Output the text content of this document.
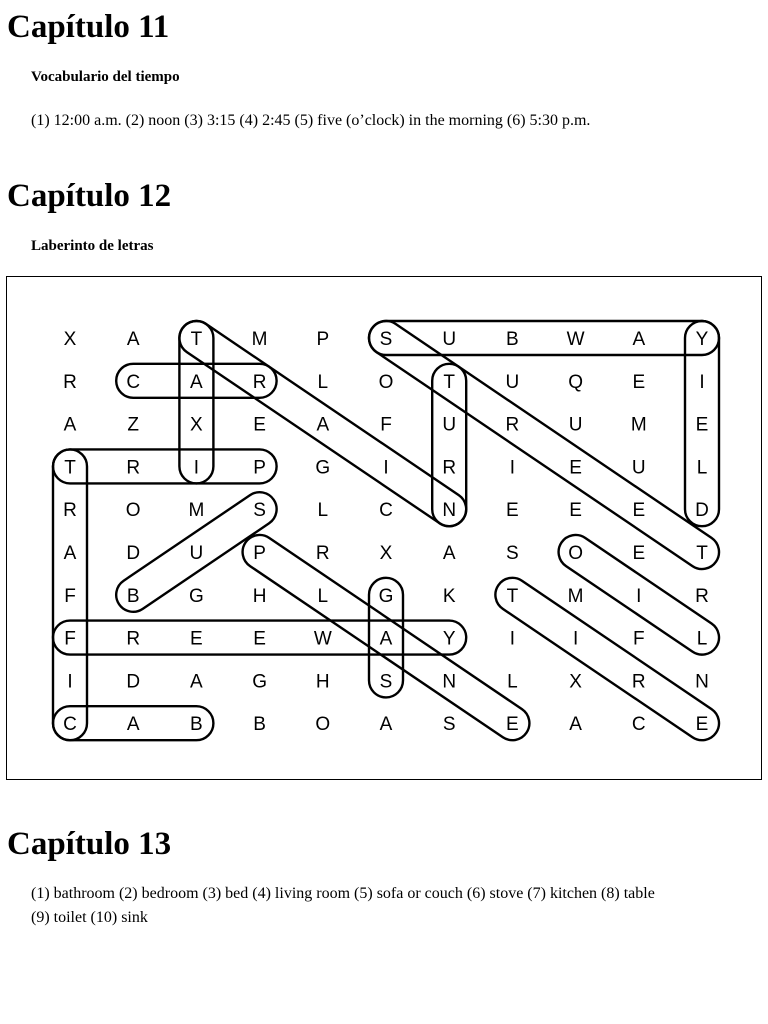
Capítulo 11
Vocabulario del tiempo

(1) 12:00 a.m. (2) noon (3) 3:15 (4) 2:45 (5) five (o’clock) in the morning (6) 5:30 p.m.

Capítulo 12
Laberinto de letras
X	A	T	M	P	S	U	B	W	A	Y
R	C	A	R	L	O	T	U	Q	E	I
A	Z	X	E	A	F	U	R	U	M	E
T	R	I	P	G	I	R	I	E	U	L
R	O	M	S	L	C	N	E	E	E	D
A	D	U	P	R	X	A	S	O	E	T
F	B	G	H	L	G	K	T	M	I	R
F	R	E	E	W	A	Y	I	I	F	L
I	D	A	G	H	S	N	L	X	R	N
C	A	B	B	O	A	S	E	A	C	E
Capítulo 13

(1) bathroom (2) bedroom (3) bed (4) living room (5) sofa or couch (6) stove (7) kitchen (8) table

(9) toilet (10) sink
